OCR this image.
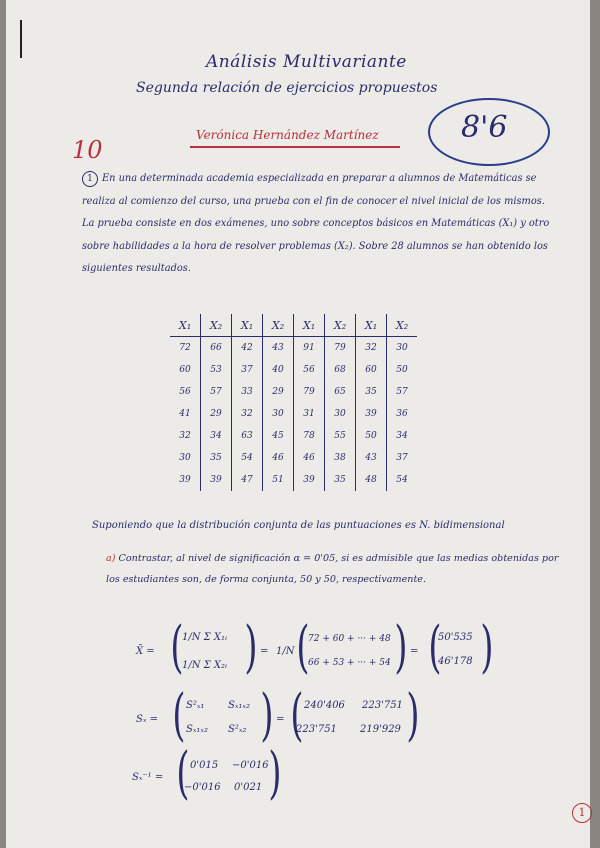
Análisis Multivariante
Segunda relación de ejercicios propuestos
Verónica Hernández Martínez	8'6
10
1 En una determinada academia especializada en preparar a alumnos de Matemáticas se realiza al comienzo del curso, una prueba con el fin de conocer el nivel inicial de los mismos. La prueba consiste en dos exámenes, uno sobre conceptos básicos en Matemáticas (X₁) y otro sobre habilidades a la hora de resolver problemas (X₂). Sobre 28 alumnos se han obtenido los siguientes resultados.
X₁	X₂	X₁	X₂	X₁	X₂	X₁	X₂
72	66	42	43	91	79	32	30
60	53	37	40	56	68	60	50
56	57	33	29	79	65	35	57
41	29	32	30	31	30	39	36
32	34	63	45	78	55	50	34
30	35	54	46	46	38	43	37
39	39	47	51	39	35	48	54
Suponiendo que la distribución conjunta de las puntuaciones es N. bidimensional
a) Contrastar, al nivel de significación α = 0'05, si es admisible que las medias obtenidas por los estudiantes son, de forma conjunta, 50 y 50, respectivamente.
X̄ = (
1/N Σ X₁ᵢ
1/N Σ X₂ᵢ ) = 1/N (
72 + 60 + ··· + 48
66 + 53 + ··· + 54 ) = (
50'535
46'178 )
Sₓ = ( S²ₓ₁ Sₓ₁ₓ₂
Sₓ₁ₓ₂ S²ₓ₂ ) = ( 240'406 223'751
223'751 219'929 )
Sₓ⁻¹ = ( 0'015 −0'016
−0'016 0'021 )
1
